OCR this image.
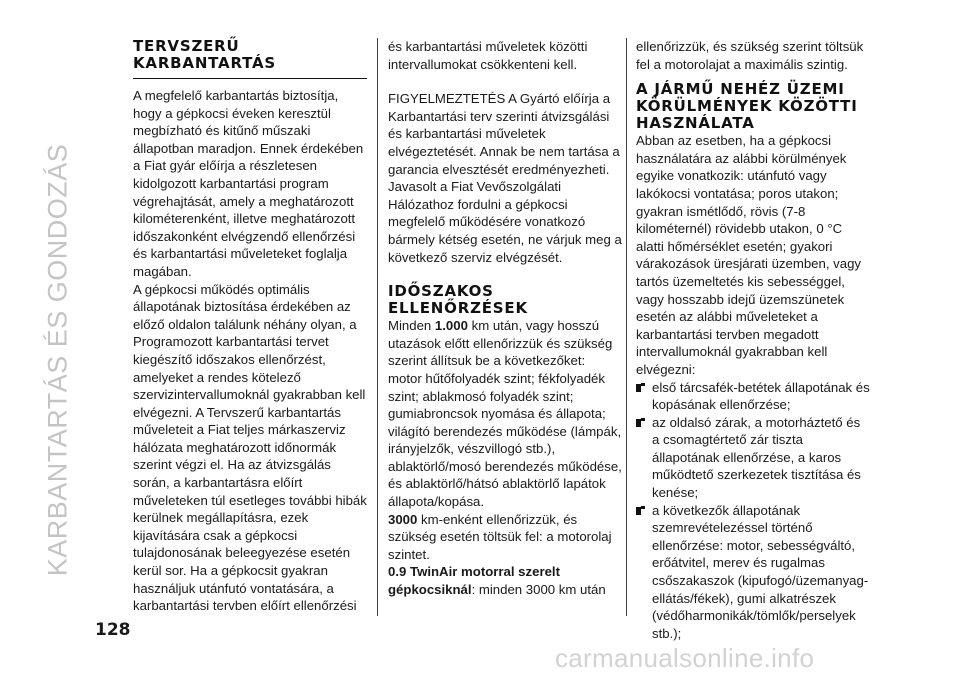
KARBANTARTÁS ÉS GONDOZÁS
TERVSZERŰ
KARBANTARTÁS

A megfelelő karbantartás biztosítja, hogy a gépkocsi éveken keresztül megbízható és kitűnő műszaki állapotban maradjon. Ennek érdekében a Fiat gyár előírja a részletesen kidolgozott karbantartási program végrehajtását, amely a meghatározott kilométerenként, illetve meghatározott időszakonként elvégzendő ellenőrzési és karbantartási műveleteket foglalja magában.

A gépkocsi működés optimális állapotának biztosítása érdekében az előző oldalon találunk néhány olyan, a Programozott karbantartási tervet kiegészítő időszakos ellenőrzést, amelyeket a rendes kötelező szervizintervallumoknál gyakrabban kell elvégezni. A Tervszerű karbantartás műveleteit a Fiat teljes márkaszerviz hálózata meghatározott időnormák szerint végzi el. Ha az átvizsgálás során, a karbantartásra előírt műveleteken túl esetleges további hibák kerülnek megállapításra, ezek kijavítására csak a gépkocsi tulajdonosának beleegyezése esetén kerül sor. Ha a gépkocsit gyakran használjuk utánfutó vontatására, a karbantartási tervben előírt ellenőrzési

és karbantartási műveletek közötti intervallumokat csökkenteni kell.

FIGYELMEZTETÉS A Gyártó előírja a Karbantartási terv szerinti átvizsgálási és karbantartási műveletek elvégeztetését. Annak be nem tartása a garancia elvesztését eredményezheti. Javasolt a Fiat Vevőszolgálati Hálózathoz fordulni a gépkocsi megfelelő működésére vonatkozó bármely kétség esetén, ne várjuk meg a következő szerviz elvégzését.

IDŐSZAKOS
ELLENŐRZÉSEK

Minden 1.000 km után, vagy hosszú utazások előtt ellenőrizzük és szükség szerint állítsuk be a következőket: motor hűtőfolyadék szint; fékfolyadék szint; ablakmosó folyadék szint; gumiabroncsok nyomása és állapota; világító berendezés működése (lámpák, irányjelzők, vészvillogó stb.), ablaktörlő/mosó berendezés működése, és ablaktörlő/hátsó ablaktörlő lapátok állapota/kopása.

3000 km-enként ellenőrizzük, és szükség esetén töltsük fel: a motorolaj szintet.

0.9 TwinAir motorral szerelt gépkocsiknál: minden 3000 km után

ellenőrizzük, és szükség szerint töltsük fel a motorolajat a maximális szintig.

A JÁRMŰ NEHÉZ ÜZEMI
KÖRÜLMÉNYEK KÖZÖTTI
HASZNÁLATA

Abban az esetben, ha a gépkocsi használatára az alábbi körülmények egyike vonatkozik: utánfutó vagy lakókocsi vontatása; poros utakon; gyakran ismétlődő, rövis (7-8 kilométernél) rövidebb utakon, 0 °C alatti hőmérséklet esetén; gyakori várakozások üresjárati üzemben, vagy tartós üzemeltetés kis sebességgel, vagy hosszabb idejű üzemszünetek esetén az alábbi műveleteket a karbantartási tervben megadott intervallumoknál gyakrabban kell elvégezni:

első tárcsafék-betétek állapotának és kopásának ellenőrzése;
az oldalsó zárak, a motorháztető és a csomagtértető zár tiszta állapotának ellenőrzése, a karos működtető szerkezetek tisztítása és kenése;
a következők állapotának szemrevételezéssel történő ellenőrzése: motor, sebességváltó, erőátvitel, merev és rugalmas csőszakaszok (kipufogó/üzemanyag-ellátás/fékek), gumi alkatrészek (védőharmonikák/tömlők/perselyek stb.);
128
carmanualsonline.info
